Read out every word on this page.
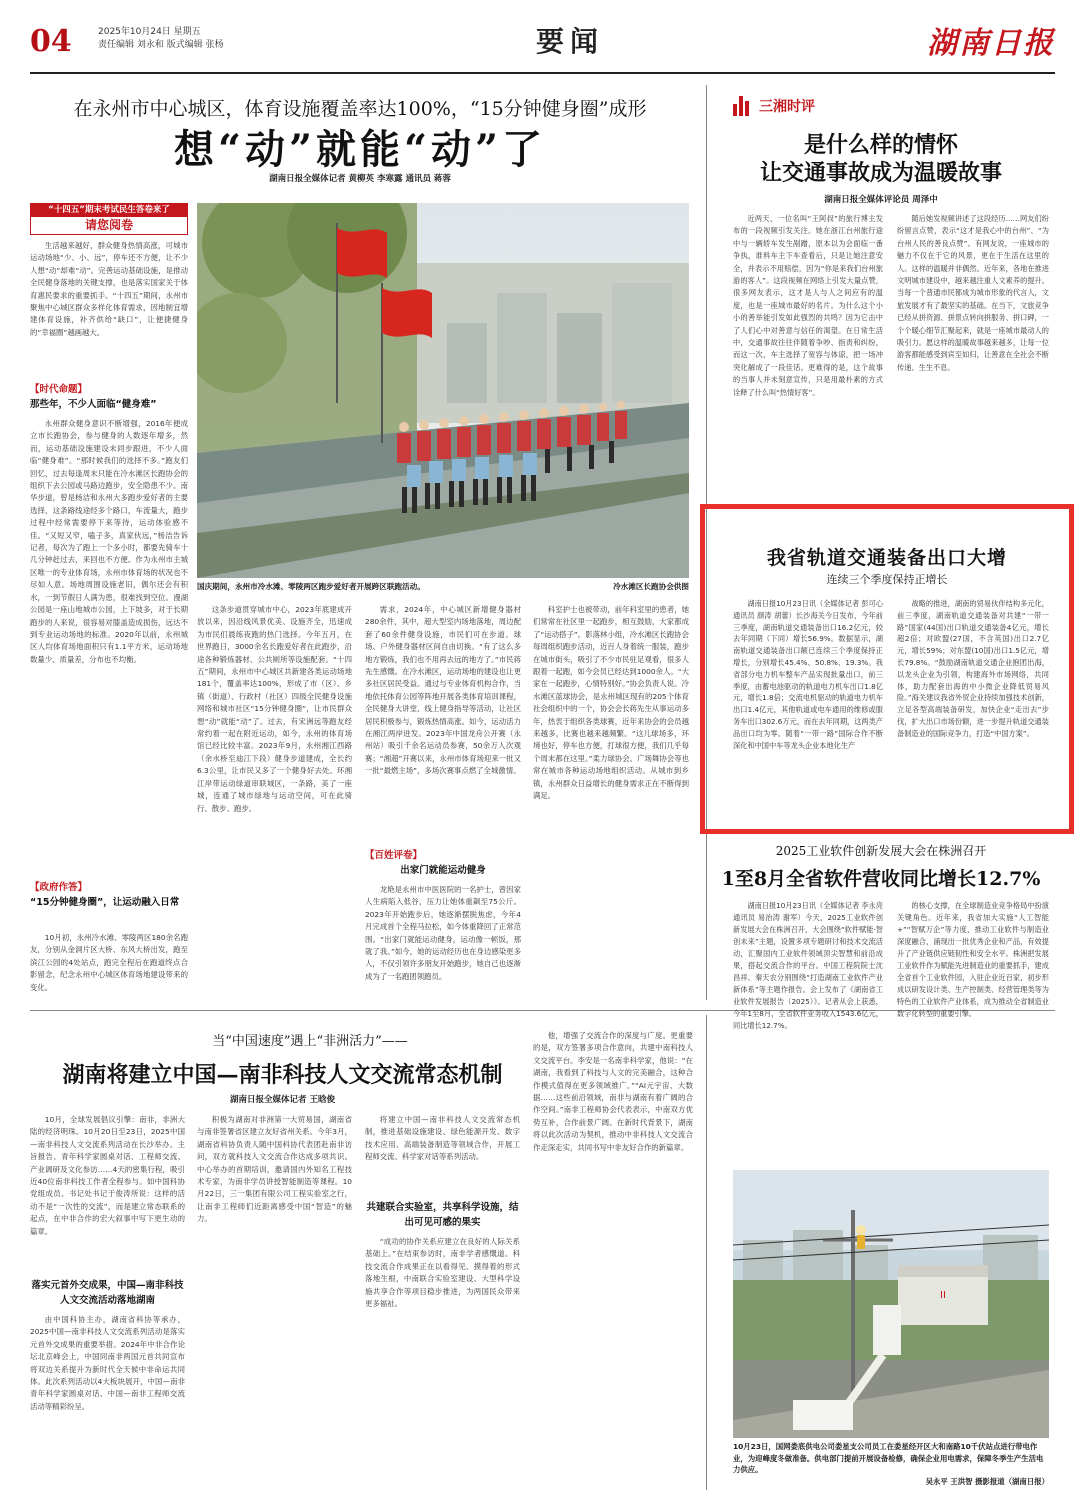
04	2025年10月24日 星期五
责任编辑 刘永和 版式编辑 张杨	要闻	湖南日报
在永州市中心城区，体育设施覆盖率达100%，“15分钟健身圈”成形
想“动”就能“动”了
湖南日报全媒体记者 黄柳英 李寒露 通讯员 蒋蓉
“十四五”期末考试民生答卷来了
请您阅卷

生活越来越好，群众健身热情高涨，可城市运动场地“少、小、远”，停车还不方便，让不少人想“动”却难“动”。完善运动基础设施，是推动全民健身落地的关键支撑，也是落实国家关于体育惠民要求的重要抓手。“十四五”期间，永州市聚焦中心城区群众多样化体育需求，因地制宜增建体育设施，补齐供给“缺口”，让便捷健身的“幸福圈”越画越大。

【时代命题】
那些年，不少人面临“健身难”

永州群众健身意识不断增强，2016年便成立市长跑协会，参与健身的人数逐年增多，然而，运动基础设施建设未同步跟进，不少人面临“健身难”。“那时候我们的选择不多。”跑友们回忆，过去每逢周末只能在冷水滩区长跑协会的组织下去公园或马路边跑步，安全隐患不少。南华步道，曾是杨洁和永州大多跑步爱好者的主要选择，这条路线途经多个路口，车流量大，跑步过程中经常需要停下来等待，运动体验感不佳。“又短又窄，嗑子多，真家伙远，”杨洁告诉记者，每次为了跑上一个多小时，都要先骑车十几分钟赶过去，来回也不方便。作为永州市主城区唯一的专业体育场，永州市体育场的状况也不尽如人意。场地周围设施老旧，偶尔还会有积水，一到节假日人满为患，很难找到空位。漫湖公园是一座山地城市公园，上下坡多，对于长期跑步的人来说，很容易对膝盖造成损伤，远达不到专业运动场地的标准。2020年以前，永州城区人均体育场地面积只有1.1平方米，运动场地数量少、质量差，分布也不均衡。

【政府作答】
“15分钟健身圈”，让运动融入日常

10月初，永州冷水滩、零陵两区180余名跑友，分别从金洞片区大桥、东风大桥出发，跑至滨江公园的4处站点，跑完全程后在跑道终点合影留念，纪念永州中心城区体育场地建设带来的变化。

国庆期间，永州市冷水滩、零陵两区跑步爱好者开展跨区联跑活动。	冷水滩区长跑协会供图

这条步道贯穿城市中心，2023年底建成开放以来，因沿线风景优美、设施齐全，迅速成为市民们晨练夜跑的热门选择。今年五月，在世界跑日，3000余名长跑爱好者在此跑步，沿途各种锻炼器材、公共厕所等设施配套。“十四五”期间，永州市中心城区共新建各类运动场地181个，覆盖率达100%，形成了市（区）、乡镇（街道）、行政村（社区）四级全民健身设施网络和城市社区“15分钟健身圈”，让市民群众想“动”就能“动”了。过去，有宋洲远等跑友经常约着一起在附近运动，如今，永州的体育场馆已经比较丰富。2023年9月，永州湘江西路（余水桥至迪江下段）健身步道建成，全长约6.3公里，让市民又多了一个健身好去处。环湘江岸带运动绿道串联城区，一条路，美了一座城，连通了城市绿地与运动空间，可在此骑行、散步、跑步。

需求，2024年，中心城区新增健身器材280余件，其中，超大型室内场地落地，周边配套了60余件健身设施，市民们可在步道、球场、户外健身器材区间自由切换。“有了这么多地方锻炼，我们也不用再去远的地方了。”市民蒋先生感慨。在冷水滩区，运动场地的建设也让更多社区居民受益。通过与专业体育机构合作，当地依托体育公园等阵地开展各类体育培训课程，全民健身大讲堂、线上健身指导等活动，让社区居民积极参与，锻炼热情高涨。如今，运动活力在湘江两岸迸发。2023年中国龙舟公开赛（永州站）吸引千余名运动员参赛，50余万人次观赛；“湘超”开赛以来，永州市体育场迎来一批又一批“最燃主场”，多场次赛事点燃了全城激情。

【百姓评卷】
出家门就能运动健身

龙艳是永州市中医医院的一名护士，曾因家人生病陷入低谷，压力让她体重飙至75公斤。2023年开始跑步后，她逐渐摆脱焦虑，今年4月完成首个全程马拉松，如今体重降回了正常范围。“出家门就能运动健身，运动像一顿饭，那就了我。”如今，她的运动经历也在身边感染更多人，不仅引领许多朋友开始跑步，她自己也逐渐成为了一名跑团领跑员。

科室护士也被带动，前年科室里的患者，她们常常在社区里一起跑步，相互鼓励，大家都成了“运动搭子”。影落林小组，冷水滩区长跑协会每周组织跑步活动，近百人身着统一服装，跑步在城市街头，吸引了不少市民驻足观看，很多人跟着一起跑，如今会员已经达到1000余人。“大家在一起跑步，心情特别好。”协会负责人说。冷水滩区蓝球协会，是永州城区现有的205个体育社会组织中的一个，协会会长蒋先生从事运动多年，热衷于组织各类球赛，近年来协会的会员越来越多，比赛也越来越频繁。“这儿球场多，环境也好，停车也方便，打球很方便，我们几乎每个周末都在这里。”柔力球协会、广场舞协会等也常在城市各种运动场地组织活动。从城市到乡镇，永州群众日益增长的健身需求正在不断得到满足。

三湘时评
是什么样的情怀
让交通事故成为温暖故事
湖南日报全媒体评论员 周泽中

近两天，一位名叫“王阿叔”的旅行博主发布的一段视频引发关注。她在浙江台州旅行途中与一辆轿车发生剐蹭，原本以为会面临一番争执，谁料车主下车查看后，只是让她注意安全，并表示不用赔偿，因为“你是来我们台州旅游的客人”。这段视频在网络上引发大量点赞，很多网友表示，这才是人与人之间应有的温度，也是一座城市最好的名片。为什么这个小小的善举能引发如此强烈的共鸣？因为它击中了人们心中对善意与信任的渴望。在日常生活中，交通事故往往伴随着争吵、指责和纠纷，而这一次，车主选择了宽容与体谅，把一场冲突化解成了一段佳话。更难得的是，这个故事的当事人并未刻意宣传，只是用最朴素的方式诠释了什么叫“热情好客”。

随后她发视频讲述了这段经历……网友们纷纷留言点赞，表示“这才是我心中的台州”、“为台州人民的善良点赞”。有网友说，一座城市的魅力不仅在于它的风景，更在于生活在这里的人。这样的温暖并非偶然。近年来，各地在推进文明城市建设中，越来越注重人文素养的提升。当每一个普通市民都成为城市形象的代言人，文旅发展才有了最坚实的基础。在当下，文旅竞争已经从拼资源、拼景点转向拼服务、拼口碑，一个个暖心细节汇聚起来，就是一座城市最动人的吸引力。愿这样的温暖故事越来越多，让每一位游客都能感受到宾至如归，让善意在全社会不断传递、生生不息。

我省轨道交通装备出口大增
连续三个季度保持正增长

湖南日报10月23日讯（全媒体记者 彭可心 通讯员 颜涛 胡蕾）长沙海关今日发布，今年前三季度，湖南轨道交通装备出口16.2亿元，较去年同期（下同）增长56.9%。数据显示，湖南轨道交通装备出口额已连续三个季度保持正增长，分别增长45.4%、50.8%、19.3%。我省部分电力机车整车产品实现批量出口，前三季度，由蓄电池驱动的轨道电力机车出口1.8亿元，增长1.8倍；交流电机驱动的轨道电力机车出口1.4亿元，其他轨道或电车通用的维修或服务车出口302.6万元，而在去年同期，这两类产品出口均为零。随着“一带一路”国际合作不断深化和中国中车等龙头企业本地化生产

战略的推进，湖南的贸易伙伴结构多元化，前三季度，湖南轨道交通装备对共建“一带一路”国家(44国)出口轨道交通装备4亿元，增长超2倍；对欧盟(27国，不含英国)出口2.7亿元，增长59%；对东盟(10国)出口1.5亿元，增长79.8%。“鼓励湖南轨道交通企业抱团出海，以龙头企业为引领，构建海外市场网络，共同体，助力配套出海的中小微企业降低贸易风险。”海关建议我省外贸企业持续加强技术创新，立足各型高端装备研发，加快企业“走出去”步伐，扩大出口市场份额，进一步提升轨道交通装备制造业的国际竞争力，打造“中国方案”。

2025工业软件创新发展大会在株洲召开
1至8月全省软件营收同比增长12.7%

湖南日报10月23日讯（全媒体记者 李永亮 通讯员 易治涛 谢军）今天，2025工业软件创新发展大会在株洲召开，大会围绕“软件赋能·智创未来”主题，设置多项专题研讨和技术交流活动，汇聚国内工业软件领域顶尖智慧和前沿成果，搭起交流合作的平台。中国工程院院士沈昌祥、秦天农分别围绕“打造湖南工业软件产业新体系”等主题作报告。会上发布了《湖南省工业软件发展报告（2025）》。记者从会上获悉，今年1至8月，全省软件业务收入1543.6亿元，同比增长12.7%。

的核心支撑，在全球制造业竞争格局中扮演关键角色。近年来，我省加大实施“人工智能+”“智赋万企”等力度，推动工业软件与制造业深度融合，涌现出一批优秀企业和产品，有效提升了产业链供应链韧性和安全水平。株洲把发展工业软件作为赋能先进制造业的重要抓手，建成全省首个工业软件园，入驻企业近百家，初步形成以研发设计类、生产控制类、经营管理类等为特色的工业软件产业体系，成为推动全省制造业数字化转型的重要引擎。

当“中国速度”遇上“非洲活力”——
湖南将建立中国—南非科技人文交流常态机制
湖南日报全媒体记者 王晗俊

10月，全球发展倡议引擎：南非，非洲大陆的经济明珠。10月20日至23日，2025中国—南非科技人文交流系列活动在长沙举办。主旨报告、青年科学家圆桌对话、工程师交流、产业调研及文化参访……4天的密集行程，吸引近40位南非科技工作者全程参与。如中国科协党组成员、书记处书记于俊涛所说：这样的活动不是“一次性的交流”，而是建立常态联系的起点，在中非合作的宏大叙事中写下更生动的篇章。

落实元首外交成果，中国—南非科技人文交流活动落地湖南

由中国科协主办，湖南省科协等承办，2025中国—南非科技人文交流系列活动是落实元首外交成果的重要举措。2024年中非合作论坛北京峰会上，中国同南非两国元首共同宣布将双边关系提升为新时代全天候中非命运共同体。此次系列活动以4大板块展开，中国—南非青年科学家圆桌对话、中国—南非工程师交流活动等精彩纷呈。

积极为湖南对非洲第一大贸易国，湖南省与南非签署省区建立友好省州关系。今年3月，湖南省科协负责人随中国科协代表团赴南非访问，双方就科技人文交流合作达成多项共识。中心举办的首期培训，邀请国内外知名工程技术专家，为南非学员讲授智能制造等课程。10月22日，三一集团有限公司工程实验室之行，让南非工程师们近距离感受中国“智造”的魅力。

将建立中国—南非科技人文交流常态机制，推进基础设施建设、绿色能源开发、数字技术应用、高端装备制造等领域合作，开展工程师交流、科学家对话等系列活动。

共建联合实验室，共享科学设施，结出可见可感的果实

“成功的协作关系应建立在良好的人际关系基础上。”在结束参访时，南非学者感慨道。科技交流合作成果正在以看得见、摸得着的形式落地生根，中南联合实验室建设、大型科学设施共享合作等项目稳步推进，为两国民众带来更多福祉。

他，增强了交流合作的深度与广度。更重要的是，双方签署多项合作意向，共建中南科技人文交流平台。李安是一名南非科学家，他说：“在湖南，我看到了科技与人文的完美融合，这种合作模式值得在更多领域推广。”“AI元宇宙、大数据……这些前沿领域，南非与湖南有着广阔的合作空间。”南非工程师协会代表表示，中南双方优势互补，合作前景广阔。在新时代背景下，湖南将以此次活动为契机，推动中非科技人文交流合作走深走实，共同书写中非友好合作的新篇章。

II
10月23日，国网娄底供电公司娄星支公司员工在娄星经开区大和南路10千伏站点进行带电作业，为迎峰度冬做准备。供电部门提前开展设备检修，确保企业用电需求，保障冬季生产生活电力供应。
吴永平 王洪智 摄影报道（湖南日报）
